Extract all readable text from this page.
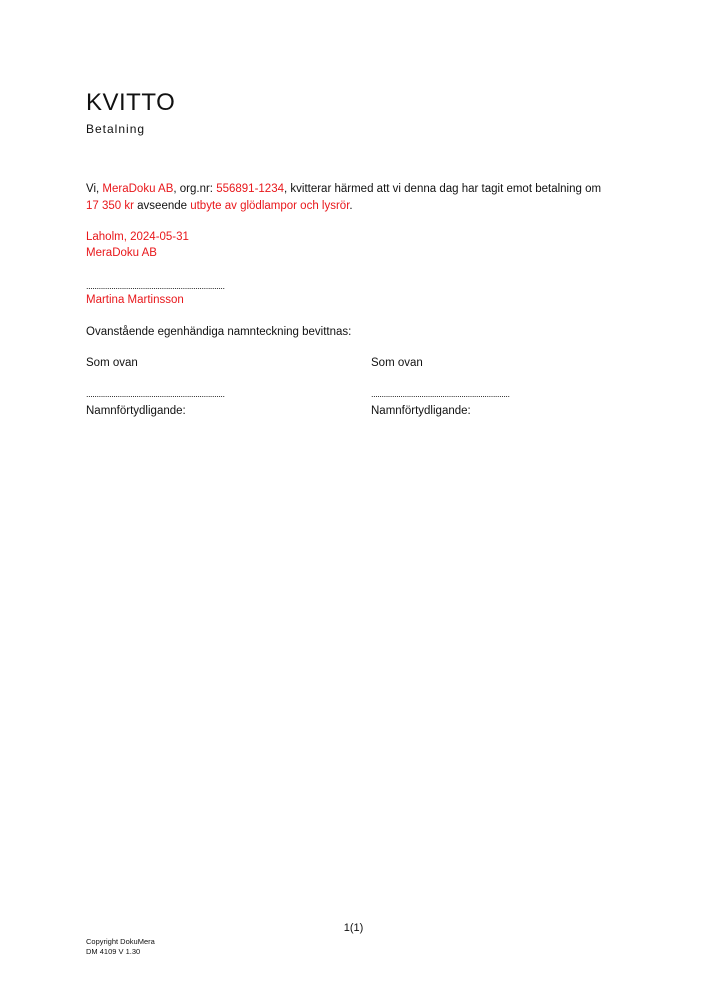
KVITTO
Betalning
Vi, MeraDoku AB, org.nr: 556891-1234, kvitterar härmed att vi denna dag har tagit emot betalning om 17 350 kr avseende utbyte av glödlampor och lysrör.
Laholm, 2024-05-31
MeraDoku AB
..................................................................
Martina Martinsson
Ovanstående egenhändiga namnteckning bevittnas:
Som ovan	Som ovan
..................................................................	..................................................................
Namnförtydligande:	Namnförtydligande:
1(1)
Copyright DokuMera
DM 4109 V 1.30
